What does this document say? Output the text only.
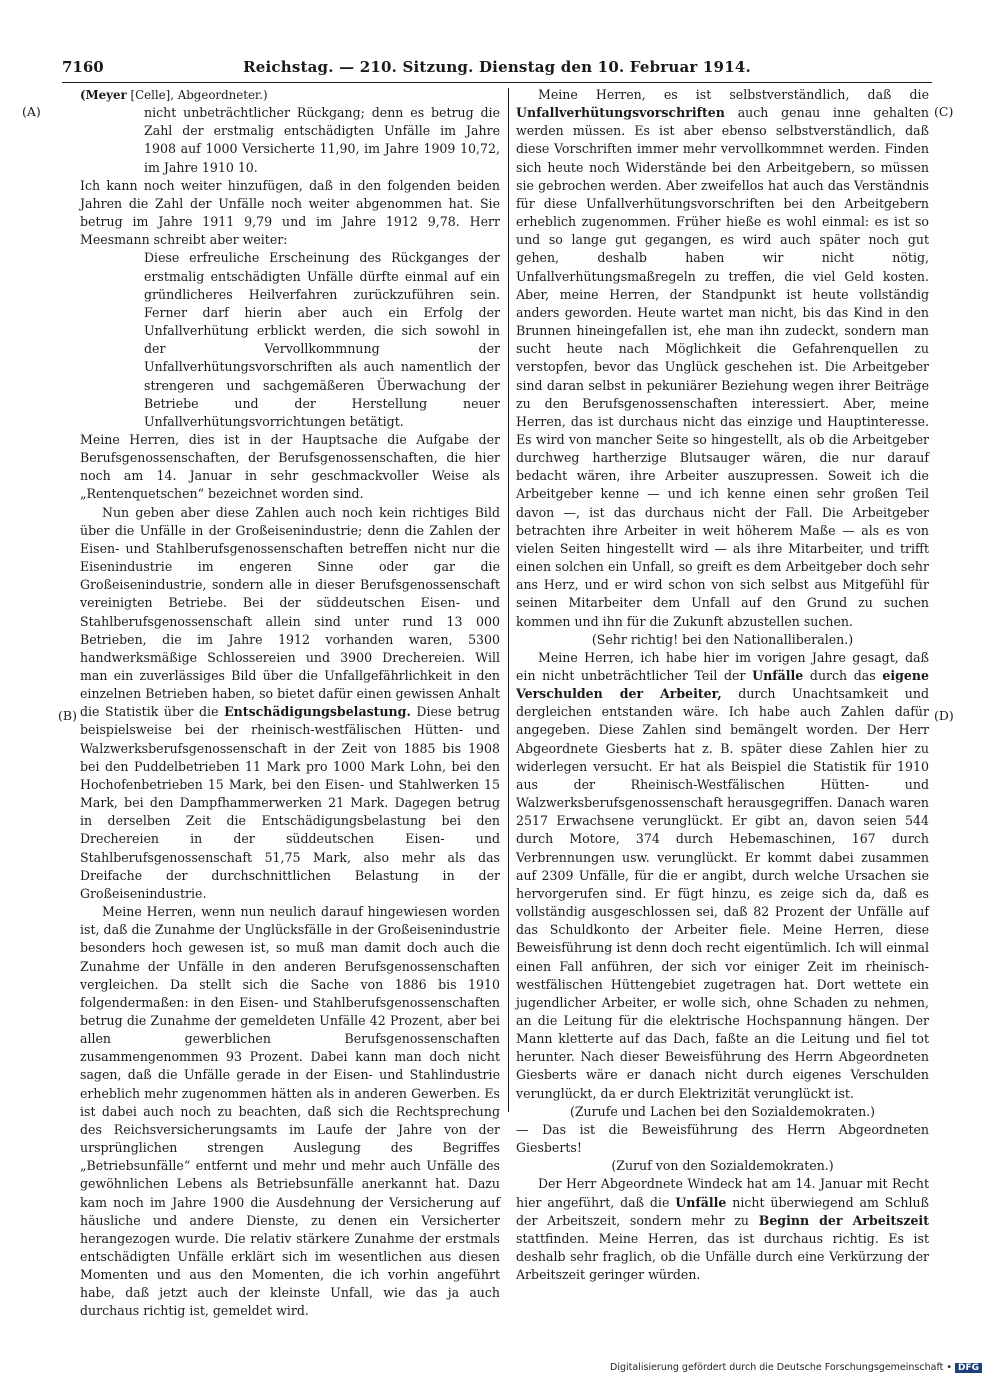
7160	Reichstag. — 210. Sitzung. Dienstag den 10. Februar 1914.
(A)
(B)
(C)
(D)

(Meyer [Celle], Abgeordneter.)

nicht unbeträchtlicher Rückgang; denn es betrug die Zahl der erstmalig entschädigten Unfälle im Jahre 1908 auf 1000 Versicherte 11,90, im Jahre 1909 10,72, im Jahre 1910 10.

Ich kann noch weiter hinzufügen, daß in den folgenden beiden Jahren die Zahl der Unfälle noch weiter abgenommen hat. Sie betrug im Jahre 1911 9,79 und im Jahre 1912 9,78. Herr Meesmann schreibt aber weiter:

Diese erfreuliche Erscheinung des Rückganges der erstmalig entschädigten Unfälle dürfte einmal auf ein gründlicheres Heilverfahren zurückzuführen sein. Ferner darf hierin aber auch ein Erfolg der Unfallverhütung erblickt werden, die sich sowohl in der Vervollkommnung der Unfallverhütungsvorschriften als auch namentlich der strengeren und sachgemäßeren Überwachung der Betriebe und der Herstellung neuer Unfallverhütungsvorrichtungen betätigt.

Meine Herren, dies ist in der Hauptsache die Aufgabe der Berufsgenossenschaften, der Berufsgenossenschaften, die hier noch am 14. Januar in sehr geschmackvoller Weise als „Rentenquetschen“ bezeichnet worden sind.

Nun geben aber diese Zahlen auch noch kein richtiges Bild über die Unfälle in der Großeisenindustrie; denn die Zahlen der Eisen- und Stahlberufsgenossenschaften betreffen nicht nur die Eisenindustrie im engeren Sinne oder gar die Großeisenindustrie, sondern alle in dieser Berufsgenossenschaft vereinigten Betriebe. Bei der süddeutschen Eisen- und Stahlberufsgenossenschaft allein sind unter rund 13 000 Betrieben, die im Jahre 1912 vorhanden waren, 5300 handwerksmäßige Schlossereien und 3900 Drechereien. Will man ein zuverlässiges Bild über die Unfallgefährlichkeit in den einzelnen Betrieben haben, so bietet dafür einen gewissen Anhalt die Statistik über die Entschädigungsbelastung. Diese betrug beispielsweise bei der rheinisch-westfälischen Hütten- und Walzwerksberufsgenossenschaft in der Zeit von 1885 bis 1908 bei den Puddelbetrieben 11 Mark pro 1000 Mark Lohn, bei den Hochofenbetrieben 15 Mark, bei den Eisen- und Stahlwerken 15 Mark, bei den Dampfhammerwerken 21 Mark. Dagegen betrug in derselben Zeit die Entschädigungsbelastung bei den Drechereien in der süddeutschen Eisen- und Stahlberufsgenossenschaft 51,75 Mark, also mehr als das Dreifache der durchschnittlichen Belastung in der Großeisenindustrie.

Meine Herren, wenn nun neulich darauf hingewiesen worden ist, daß die Zunahme der Unglücksfälle in der Großeisenindustrie besonders hoch gewesen ist, so muß man damit doch auch die Zunahme der Unfälle in den anderen Berufsgenossenschaften vergleichen. Da stellt sich die Sache von 1886 bis 1910 folgendermaßen: in den Eisen- und Stahlberufsgenossenschaften betrug die Zunahme der gemeldeten Unfälle 42 Prozent, aber bei allen gewerblichen Berufsgenossenschaften zusammengenommen 93 Prozent. Dabei kann man doch nicht sagen, daß die Unfälle gerade in der Eisen- und Stahlindustrie erheblich mehr zugenommen hätten als in anderen Gewerben. Es ist dabei auch noch zu beachten, daß sich die Rechtsprechung des Reichsversicherungsamts im Laufe der Jahre von der ursprünglichen strengen Auslegung des Begriffes „Betriebsunfälle“ entfernt und mehr und mehr auch Unfälle des gewöhnlichen Lebens als Betriebsunfälle anerkannt hat. Dazu kam noch im Jahre 1900 die Ausdehnung der Versicherung auf häusliche und andere Dienste, zu denen ein Versicherter herangezogen wurde. Die relativ stärkere Zunahme der erstmals entschädigten Unfälle erklärt sich im wesentlichen aus diesen Momenten und aus den Momenten, die ich vorhin angeführt habe, daß jetzt auch der kleinste Unfall, wie das ja auch durchaus richtig ist, gemeldet wird.

Meine Herren, es ist selbstverständlich, daß die Unfallverhütungsvorschriften auch genau inne gehalten werden müssen. Es ist aber ebenso selbstverständlich, daß diese Vorschriften immer mehr vervollkommnet werden. Finden sich heute noch Widerstände bei den Arbeitgebern, so müssen sie gebrochen werden. Aber zweifellos hat auch das Verständnis für diese Unfallverhütungsvorschriften bei den Arbeitgebern erheblich zugenommen. Früher hieße es wohl einmal: es ist so und so lange gut gegangen, es wird auch später noch gut gehen, deshalb haben wir nicht nötig, Unfallverhütungsmaßregeln zu treffen, die viel Geld kosten. Aber, meine Herren, der Standpunkt ist heute vollständig anders geworden. Heute wartet man nicht, bis das Kind in den Brunnen hineingefallen ist, ehe man ihn zudeckt, sondern man sucht heute nach Möglichkeit die Gefahrenquellen zu verstopfen, bevor das Unglück geschehen ist. Die Arbeitgeber sind daran selbst in pekuniärer Beziehung wegen ihrer Beiträge zu den Berufsgenossenschaften interessiert. Aber, meine Herren, das ist durchaus nicht das einzige und Hauptinteresse. Es wird von mancher Seite so hingestellt, als ob die Arbeitgeber durchweg hartherzige Blutsauger wären, die nur darauf bedacht wären, ihre Arbeiter auszupressen. Soweit ich die Arbeitgeber kenne — und ich kenne einen sehr großen Teil davon —, ist das durchaus nicht der Fall. Die Arbeitgeber betrachten ihre Arbeiter in weit höherem Maße — als es von vielen Seiten hingestellt wird — als ihre Mitarbeiter, und trifft einen solchen ein Unfall, so greift es dem Arbeitgeber doch sehr ans Herz, und er wird schon von sich selbst aus Mitgefühl für seinen Mitarbeiter dem Unfall auf den Grund zu suchen kommen und ihn für die Zukunft abzustellen suchen.

(Sehr richtig! bei den Nationalliberalen.)

Meine Herren, ich habe hier im vorigen Jahre gesagt, daß ein nicht unbeträchtlicher Teil der Unfälle durch das eigene Verschulden der Arbeiter, durch Unachtsamkeit und dergleichen entstanden wäre. Ich habe auch Zahlen dafür angegeben. Diese Zahlen sind bemängelt worden. Der Herr Abgeordnete Giesberts hat z. B. später diese Zahlen hier zu widerlegen versucht. Er hat als Beispiel die Statistik für 1910 aus der Rheinisch-Westfälischen Hütten- und Walzwerksberufsgenossenschaft herausgegriffen. Danach waren 2517 Erwachsene verunglückt. Er gibt an, davon seien 544 durch Motore, 374 durch Hebemaschinen, 167 durch Verbrennungen usw. verunglückt. Er kommt dabei zusammen auf 2309 Unfälle, für die er angibt, durch welche Ursachen sie hervorgerufen sind. Er fügt hinzu, es zeige sich da, daß es vollständig ausgeschlossen sei, daß 82 Prozent der Unfälle auf das Schuldkonto der Arbeiter fiele. Meine Herren, diese Beweisführung ist denn doch recht eigentümlich. Ich will einmal einen Fall anführen, der sich vor einiger Zeit im rheinisch-westfälischen Hüttengebiet zugetragen hat. Dort wettete ein jugendlicher Arbeiter, er wolle sich, ohne Schaden zu nehmen, an die Leitung für die elektrische Hochspannung hängen. Der Mann kletterte auf das Dach, faßte an die Leitung und fiel tot herunter. Nach dieser Beweisführung des Herrn Abgeordneten Giesberts wäre er danach nicht durch eigenes Verschulden verunglückt, da er durch Elektrizität verunglückt ist.

(Zurufe und Lachen bei den Sozialdemokraten.)

— Das ist die Beweisführung des Herrn Abgeordneten Giesberts!

(Zuruf von den Sozialdemokraten.)

Der Herr Abgeordnete Windeck hat am 14. Januar mit Recht hier angeführt, daß die Unfälle nicht überwiegend am Schluß der Arbeitszeit, sondern mehr zu Beginn der Arbeitszeit stattfinden. Meine Herren, das ist durchaus richtig. Es ist deshalb sehr fraglich, ob die Unfälle durch eine Verkürzung der Arbeitszeit geringer würden.

Digitalisierung gefördert durch die Deutsche Forschungsgemeinschaft • DFG
